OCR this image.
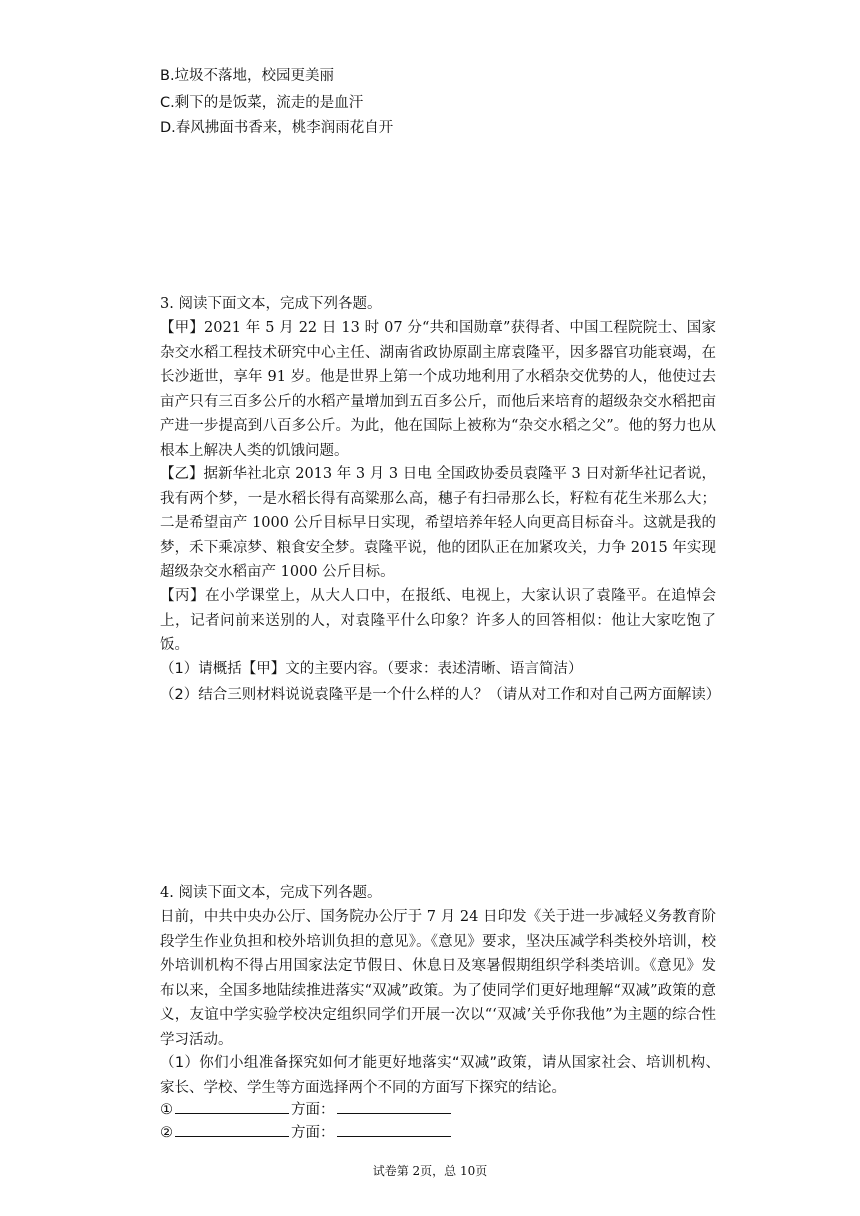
B.垃圾不落地，校园更美丽
C.剩下的是饭菜，流走的是血汗
D.春风拂面书香来，桃李润雨花自开
3. 阅读下面文本，完成下列各题。
【甲】2021 年 5 月 22 日 13 时 07 分“共和国勋章”获得者、中国工程院院士、国家杂交水稻工程技术研究中心主任、湖南省政协原副主席袁隆平，因多器官功能衰竭，在长沙逝世，享年 91 岁。他是世界上第一个成功地利用了水稻杂交优势的人，他使过去亩产只有三百多公斤的水稻产量增加到五百多公斤，而他后来培育的超级杂交水稻把亩产进一步提高到八百多公斤。为此，他在国际上被称为“杂交水稻之父”。他的努力也从根本上解决人类的饥饿问题。
【乙】据新华社北京 2013 年 3 月 3 日电 全国政协委员袁隆平 3 日对新华社记者说，我有两个梦，一是水稻长得有高粱那么高，穗子有扫帚那么长，籽粒有花生米那么大；二是希望亩产 1000 公斤目标早日实现，希望培养年轻人向更高目标奋斗。这就是我的梦，禾下乘凉梦、粮食安全梦。袁隆平说，他的团队正在加紧攻关，力争 2015 年实现超级杂交水稻亩产 1000 公斤目标。
【丙】在小学课堂上，从大人口中，在报纸、电视上，大家认识了袁隆平。在追悼会上，记者问前来送别的人，对袁隆平什么印象？许多人的回答相似：他让大家吃饱了饭。
（1）请概括【甲】文的主要内容。（要求：表述清晰、语言简洁）
（2）结合三则材料说说袁隆平是一个什么样的人？（请从对工作和对自己两方面解读）
4. 阅读下面文本，完成下列各题。
日前，中共中央办公厅、国务院办公厅于 7 月 24 日印发《关于进一步减轻义务教育阶段学生作业负担和校外培训负担的意见》。《意见》要求，坚决压减学科类校外培训，校外培训机构不得占用国家法定节假日、休息日及寒暑假期组织学科类培训。《意见》发布以来，全国多地陆续推进落实“双减”政策。为了使同学们更好地理解“双减”政策的意义，友谊中学实验学校决定组织同学们开展一次以“‘双减’关乎你我他”为主题的综合性学习活动。
（1）你们小组准备探究如何才能更好地落实“双减”政策，请从国家社会、培训机构、家长、学校、学生等方面选择两个不同的方面写下探究的结论。
①	方面：
②	方面：
试卷第 2页，总 10页
